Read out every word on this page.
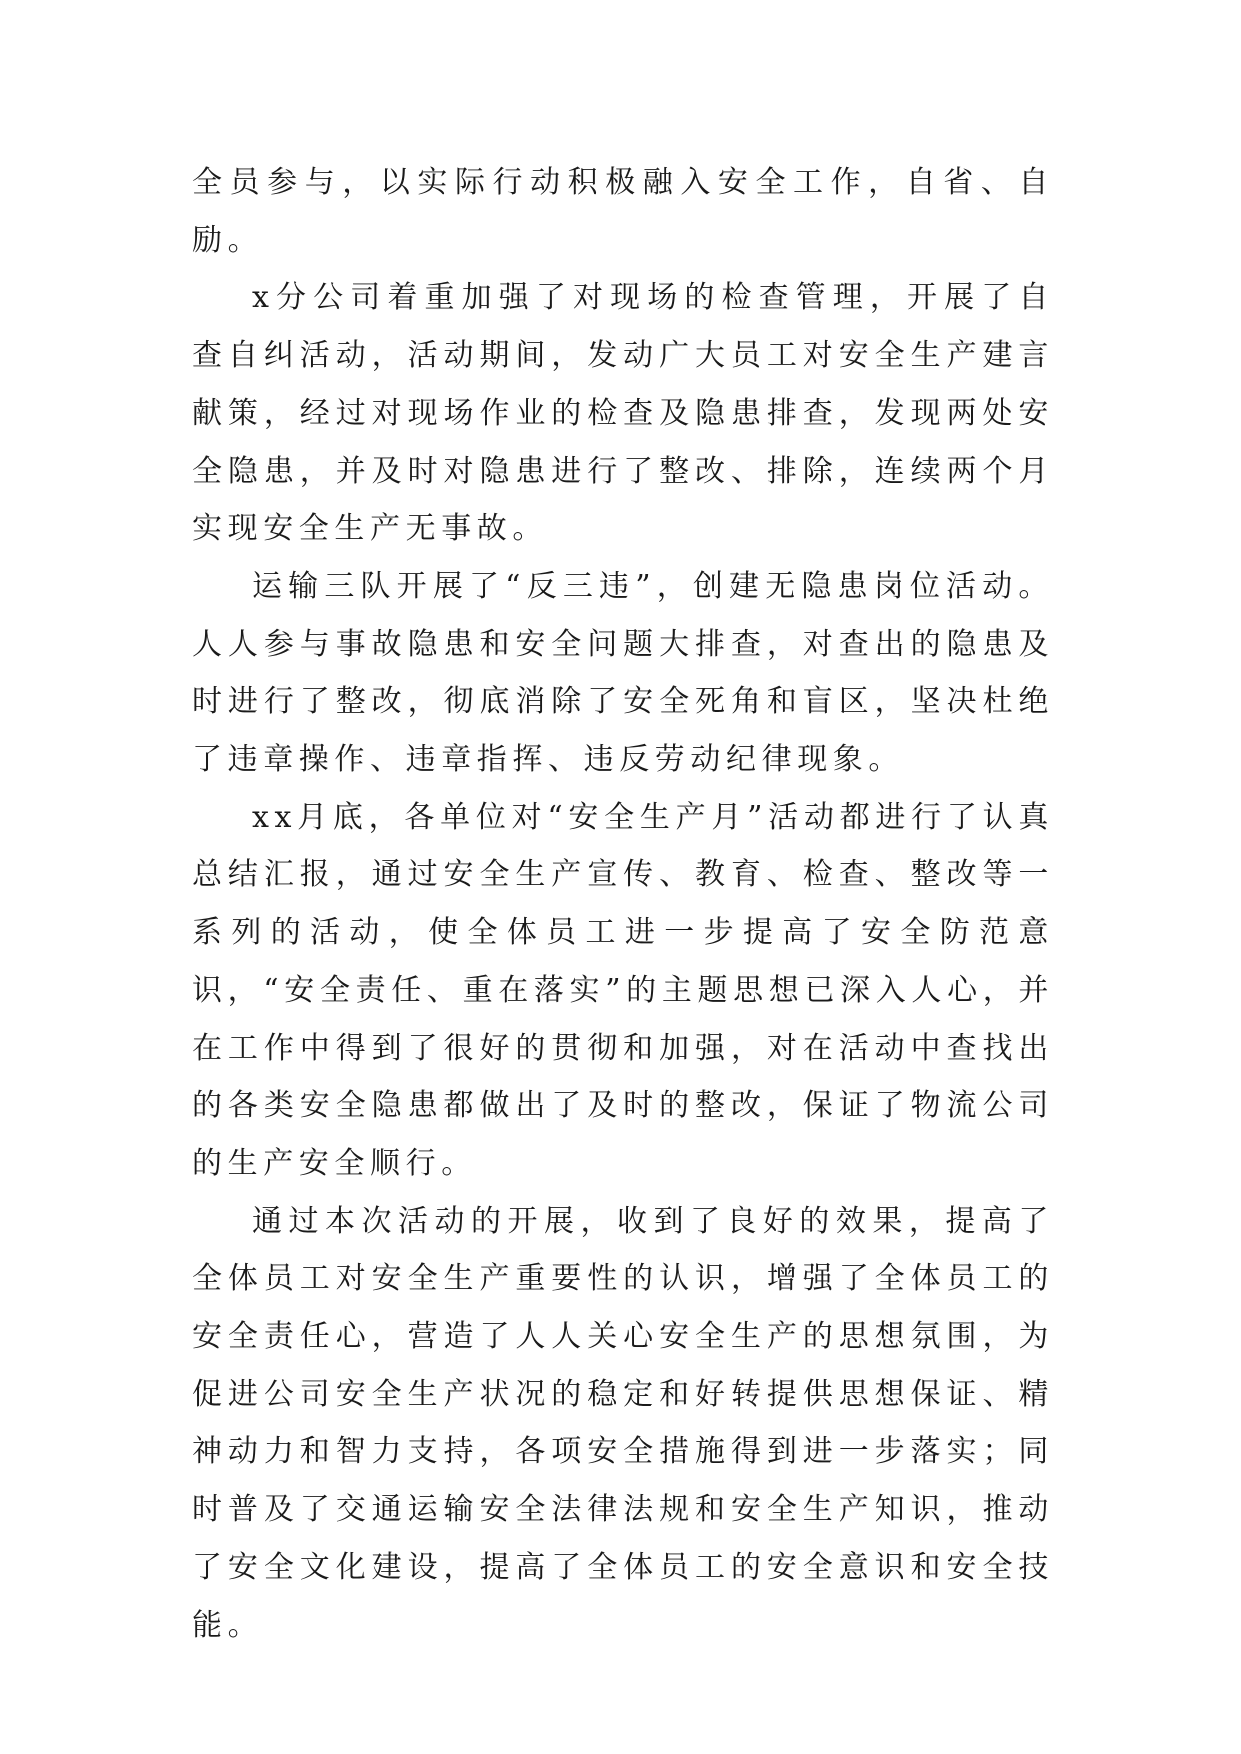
全员参与，以实际行动积极融入安全工作，自省、自励。

x分公司着重加强了对现场的检查管理，开展了自查自纠活动，活动期间，发动广大员工对安全生产建言献策，经过对现场作业的检查及隐患排查，发现两处安全隐患，并及时对隐患进行了整改、排除，连续两个月实现安全生产无事故。

运输三队开展了“反三违”，创建无隐患岗位活动。人人参与事故隐患和安全问题大排查，对查出的隐患及时进行了整改，彻底消除了安全死角和盲区，坚决杜绝了违章操作、违章指挥、违反劳动纪律现象。

xx月底，各单位对“安全生产月”活动都进行了认真总结汇报，通过安全生产宣传、教育、检查、整改等一系列的活动，使全体员工进一步提高了安全防范意识，“安全责任、重在落实”的主题思想已深入人心，并在工作中得到了很好的贯彻和加强，对在活动中查找出的各类安全隐患都做出了及时的整改，保证了物流公司的生产安全顺行。

通过本次活动的开展，收到了良好的效果，提高了全体员工对安全生产重要性的认识，增强了全体员工的安全责任心，营造了人人关心安全生产的思想氛围，为促进公司安全生产状况的稳定和好转提供思想保证、精神动力和智力支持，各项安全措施得到进一步落实；同时普及了交通运输安全法律法规和安全生产知识，推动了安全文化建设，提高了全体员工的安全意识和安全技能。
